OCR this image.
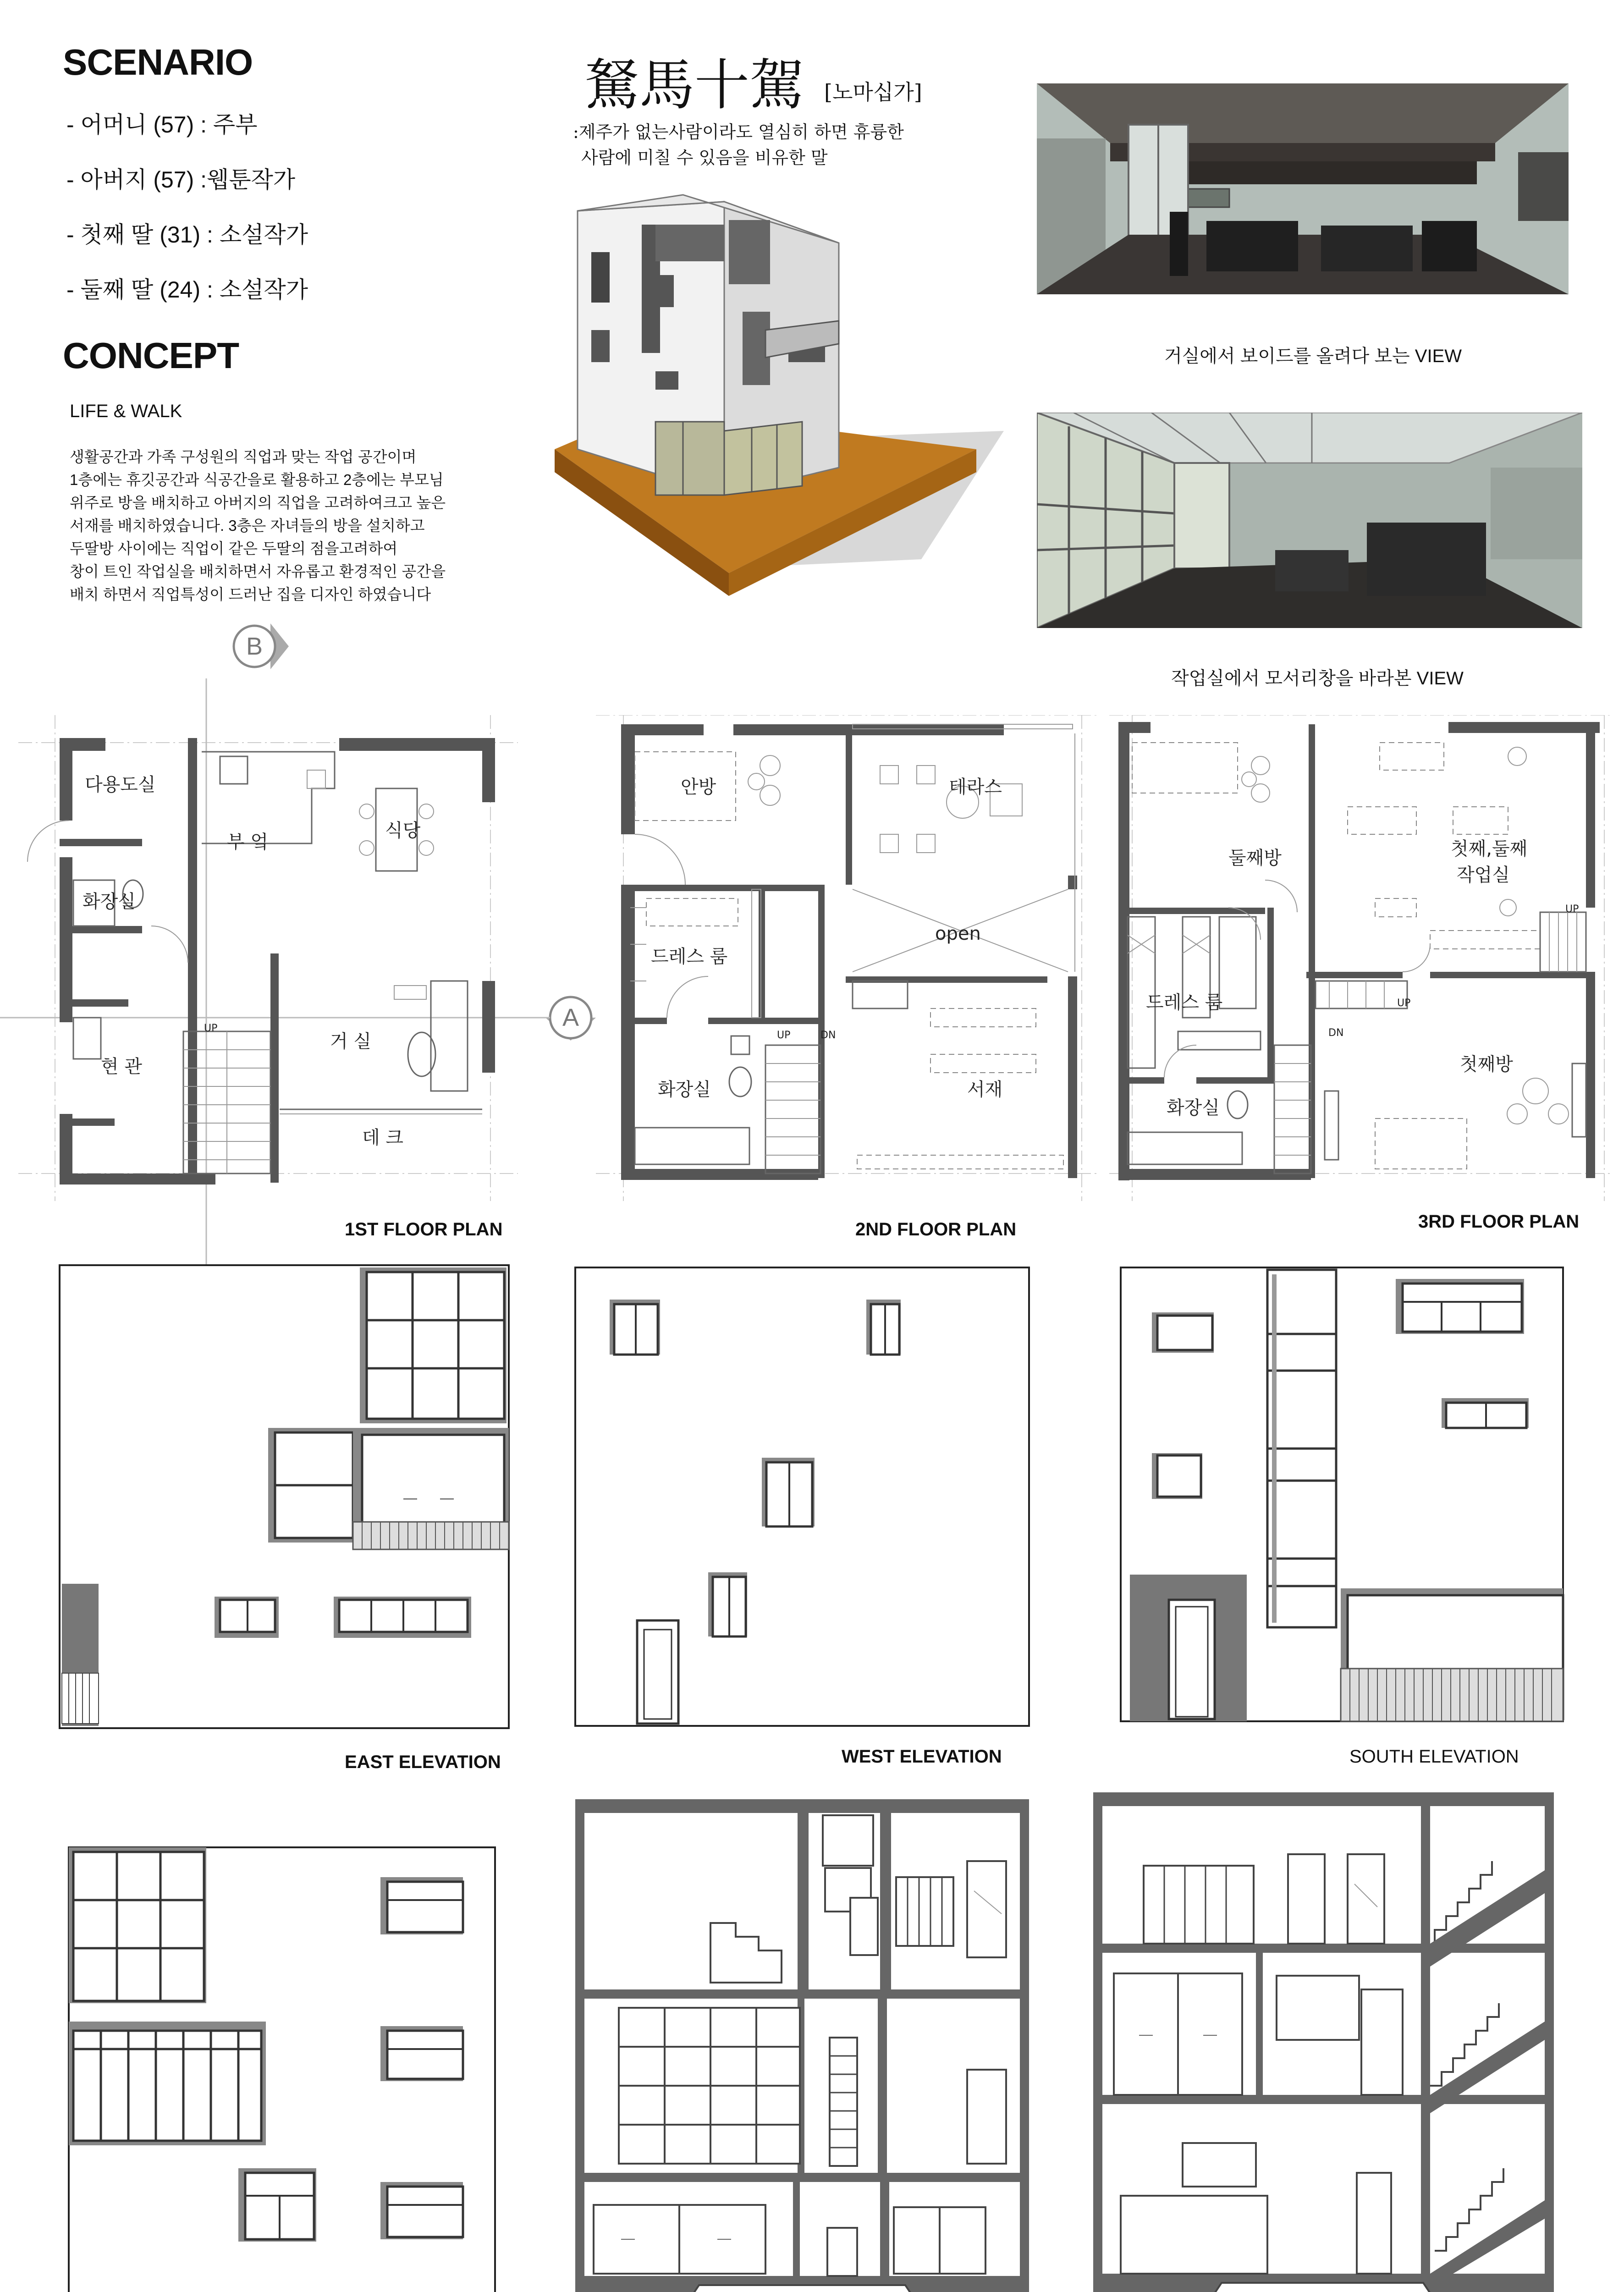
SCENARIO
- 어머니 (57) : 주부
- 아버지 (57) :웹툰작가
- 첫째 딸 (31) : 소설작가
- 둘째 딸 (24) : 소설작가
CONCEPT
LIFE & WALK
생활공간과 가족 구성원의 직업과 맞는 작업 공간이며
1층에는 휴깃공간과 식공간을로 활용하고 2층에는 부모님
위주로 방을 배치하고 아버지의 직업을 고려하여크고 높은
서재를 배치하였습니다. 3층은 자녀들의 방을 설치하고
두딸방 사이에는 직업이 같은 두딸의 점을고려하여
창이 트인 작업실을 배치하면서 자유롭고 환경적인 공간을
배치 하면서 직업특성이 드러난 집을 디자인 하였습니다
駑馬十駕 [노마십가]
:제주가 없는사람이라도 열심히 하면 휴륭한
사람에 미칠 수 있음을 비유한 말
거실에서 보이드를 올려다 보는 VIEW
작업실에서 모서리창을 바라본 VIEW
B
A
다용도실
부 엌
식당
화장실
현 관
거 실
데 크
UP
1ST FLOOR PLAN
안방	테라스
open
드레스 룸
화장실	서재
UP	DN
2ND FLOOR PLAN
둘째방	첫째,둘째
작업실
드레스 룸
화장실
첫째방
UP
UP
DN
3RD FLOOR PLAN
EAST ELEVATION	WEST ELEVATION	SOUTH ELEVATION
